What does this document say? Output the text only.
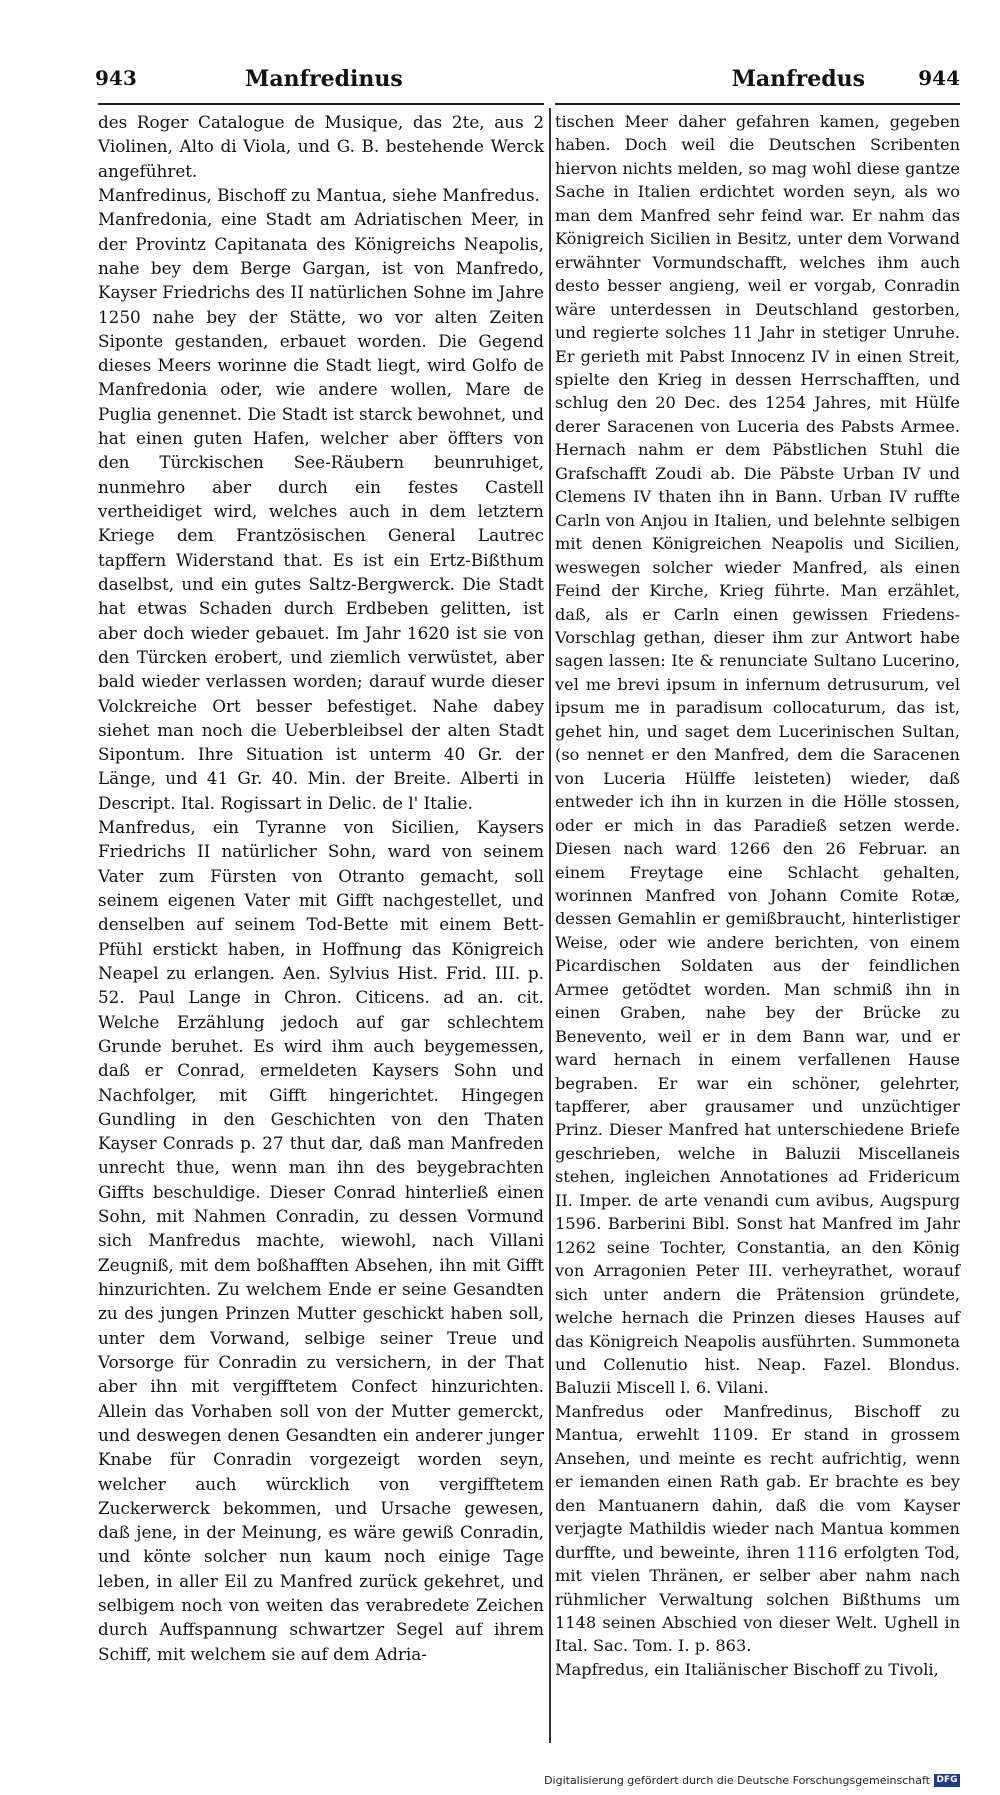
943	Manfredinus	Manfredus	944

des Roger Catalogue de Musique, das 2te, aus 2 Violinen, Alto di Viola, und G. B. bestehende Werck angeführet.

Manfredinus, Bischoff zu Mantua, siehe Manfredus.

Manfredonia, eine Stadt am Adriatischen Meer, in der Provintz Capitanata des Königreichs Neapolis, nahe bey dem Berge Gargan, ist von Manfredo, Kayser Friedrichs des II natürlichen Sohne im Jahre 1250 nahe bey der Stätte, wo vor alten Zeiten Siponte gestanden, erbauet worden. Die Gegend dieses Meers worinne die Stadt liegt, wird Golfo de Manfredonia oder, wie andere wollen, Mare de Puglia genennet. Die Stadt ist starck bewohnet, und hat einen guten Hafen, welcher aber öffters von den Türckischen See-Räubern beunruhiget, nunmehro aber durch ein festes Castell vertheidiget wird, welches auch in dem letztern Kriege dem Frantzösischen General Lautrec tapffern Widerstand that. Es ist ein Ertz-Bißthum daselbst, und ein gutes Saltz-Bergwerck. Die Stadt hat etwas Schaden durch Erdbeben gelitten, ist aber doch wieder gebauet. Im Jahr 1620 ist sie von den Türcken erobert, und ziemlich verwüstet, aber bald wieder verlassen worden; darauf wurde dieser Volckreiche Ort besser befestiget. Nahe dabey siehet man noch die Ueberbleibsel der alten Stadt Sipontum. Ihre Situation ist unterm 40 Gr. der Länge, und 41 Gr. 40. Min. der Breite. Alberti in Descript. Ital. Rogissart in Delic. de l' Italie.

Manfredus, ein Tyranne von Sicilien, Kaysers Friedrichs II natürlicher Sohn, ward von seinem Vater zum Fürsten von Otranto gemacht, soll seinem eigenen Vater mit Gifft nachgestellet, und denselben auf seinem Tod-Bette mit einem Bett-Pfühl erstickt haben, in Hoffnung das Königreich Neapel zu erlangen. Aen. Sylvius Hist. Frid. III. p. 52. Paul Lange in Chron. Citicens. ad an. cit. Welche Erzählung jedoch auf gar schlechtem Grunde beruhet. Es wird ihm auch beygemessen, daß er Conrad, ermeldeten Kaysers Sohn und Nachfolger, mit Gifft hingerichtet. Hingegen Gundling in den Geschichten von den Thaten Kayser Conrads p. 27 thut dar, daß man Manfreden unrecht thue, wenn man ihn des beygebrachten Giffts beschuldige. Dieser Conrad hinterließ einen Sohn, mit Nahmen Conradin, zu dessen Vormund sich Manfredus machte, wiewohl, nach Villani Zeugniß, mit dem boßhafften Absehen, ihn mit Gifft hinzurichten. Zu welchem Ende er seine Gesandten zu des jungen Prinzen Mutter geschickt haben soll, unter dem Vorwand, selbige seiner Treue und Vorsorge für Conradin zu versichern, in der That aber ihn mit vergifftetem Confect hinzurichten. Allein das Vorhaben soll von der Mutter gemerckt, und deswegen denen Gesandten ein anderer junger Knabe für Conradin vorgezeigt worden seyn, welcher auch würcklich von vergifftetem Zuckerwerck bekommen, und Ursache gewesen, daß jene, in der Meinung, es wäre gewiß Conradin, und könte solcher nun kaum noch einige Tage leben, in aller Eil zu Manfred zurück gekehret, und selbigem noch von weiten das verabredete Zeichen durch Auffspannung schwartzer Segel auf ihrem Schiff, mit welchem sie auf dem Adria-

tischen Meer daher gefahren kamen, gegeben haben. Doch weil die Deutschen Scribenten hiervon nichts melden, so mag wohl diese gantze Sache in Italien erdichtet worden seyn, als wo man dem Manfred sehr feind war. Er nahm das Königreich Sicilien in Besitz, unter dem Vorwand erwähnter Vormundschafft, welches ihm auch desto besser angieng, weil er vorgab, Conradin wäre unterdessen in Deutschland gestorben, und regierte solches 11 Jahr in stetiger Unruhe. Er gerieth mit Pabst Innocenz IV in einen Streit, spielte den Krieg in dessen Herrschafften, und schlug den 20 Dec. des 1254 Jahres, mit Hülfe derer Saracenen von Luceria des Pabsts Armee. Hernach nahm er dem Päbstlichen Stuhl die Grafschafft Zoudi ab. Die Päbste Urban IV und Clemens IV thaten ihn in Bann. Urban IV ruffte Carln von Anjou in Italien, und belehnte selbigen mit denen Königreichen Neapolis und Sicilien, weswegen solcher wieder Manfred, als einen Feind der Kirche, Krieg führte. Man erzählet, daß, als er Carln einen gewissen Friedens-Vorschlag gethan, dieser ihm zur Antwort habe sagen lassen: Ite & renunciate Sultano Lucerino, vel me brevi ipsum in infernum detrusurum, vel ipsum me in paradisum collocaturum, das ist, gehet hin, und saget dem Lucerinischen Sultan, (so nennet er den Manfred, dem die Saracenen von Luceria Hülffe leisteten) wieder, daß entweder ich ihn in kurzen in die Hölle stossen, oder er mich in das Paradieß setzen werde. Diesen nach ward 1266 den 26 Februar. an einem Freytage eine Schlacht gehalten, worinnen Manfred von Johann Comite Rotæ, dessen Gemahlin er gemißbraucht, hinterlistiger Weise, oder wie andere berichten, von einem Picardischen Soldaten aus der feindlichen Armee getödtet worden. Man schmiß ihn in einen Graben, nahe bey der Brücke zu Benevento, weil er in dem Bann war, und er ward hernach in einem verfallenen Hause begraben. Er war ein schöner, gelehrter, tapfferer, aber grausamer und unzüchtiger Prinz. Dieser Manfred hat unterschiedene Briefe geschrieben, welche in Baluzii Miscellaneis stehen, ingleichen Annotationes ad Fridericum II. Imper. de arte venandi cum avibus, Augspurg 1596. Barberini Bibl. Sonst hat Manfred im Jahr 1262 seine Tochter, Constantia, an den König von Arragonien Peter III. verheyrathet, worauf sich unter andern die Prätension gründete, welche hernach die Prinzen dieses Hauses auf das Königreich Neapolis ausführten. Summoneta und Collenutio hist. Neap. Fazel. Blondus. Baluzii Miscell l. 6. Vilani.

Manfredus oder Manfredinus, Bischoff zu Mantua, erwehlt 1109. Er stand in grossem Ansehen, und meinte es recht aufrichtig, wenn er iemanden einen Rath gab. Er brachte es bey den Mantuanern dahin, daß die vom Kayser verjagte Mathildis wieder nach Mantua kommen durffte, und beweinte, ihren 1116 erfolgten Tod, mit vielen Thränen, er selber aber nahm nach rühmlicher Verwaltung solchen Bißthums um 1148 seinen Abschied von dieser Welt. Ughell in Ital. Sac. Tom. I. p. 863.

Mapfredus, ein Italiänischer Bischoff zu Tivoli,

Digitalisierung gefördert durch die Deutsche Forschungsgemeinschaft DFG
